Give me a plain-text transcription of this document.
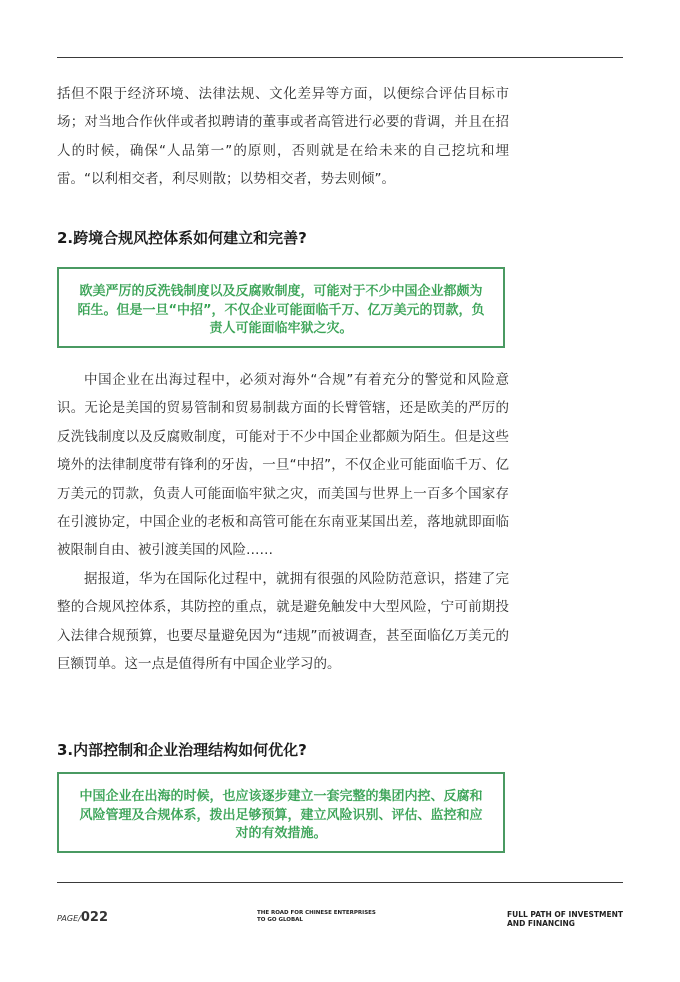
括但不限于经济环境、法律法规、文化差异等方面，以便综合评估目标市场；对当地合作伙伴或者拟聘请的董事或者高管进行必要的背调，并且在招人的时候，确保“人品第一”的原则，否则就是在给未来的自己挖坑和埋雷。“以利相交者，利尽则散；以势相交者，势去则倾”。

2.跨境合规风控体系如何建立和完善?
欧美严厉的反洗钱制度以及反腐败制度，可能对于不少中国企业都颇为陌生。但是一旦“中招”，不仅企业可能面临千万、亿万美元的罚款，负责人可能面临牢狱之灾。

中国企业在出海过程中，必须对海外“合规”有着充分的警觉和风险意识。无论是美国的贸易管制和贸易制裁方面的长臂管辖，还是欧美的严厉的反洗钱制度以及反腐败制度，可能对于不少中国企业都颇为陌生。但是这些境外的法律制度带有锋利的牙齿，一旦“中招”，不仅企业可能面临千万、亿万美元的罚款，负责人可能面临牢狱之灾，而美国与世界上一百多个国家存在引渡协定，中国企业的老板和高管可能在东南亚某国出差，落地就即面临被限制自由、被引渡美国的风险……

据报道，华为在国际化过程中，就拥有很强的风险防范意识，搭建了完整的合规风控体系，其防控的重点，就是避免触发中大型风险，宁可前期投入法律合规预算，也要尽量避免因为“违规”而被调查，甚至面临亿万美元的巨额罚单。这一点是值得所有中国企业学习的。

3.内部控制和企业治理结构如何优化?
中国企业在出海的时候，也应该逐步建立一套完整的集团内控、反腐和风险管理及合规体系，拨出足够预算，建立风险识别、评估、监控和应对的有效措施。
PAGE/022	THE ROAD FOR CHINESE ENTERPRISES
TO GO GLOBAL
FULL PATH OF INVESTMENT
AND FINANCING
